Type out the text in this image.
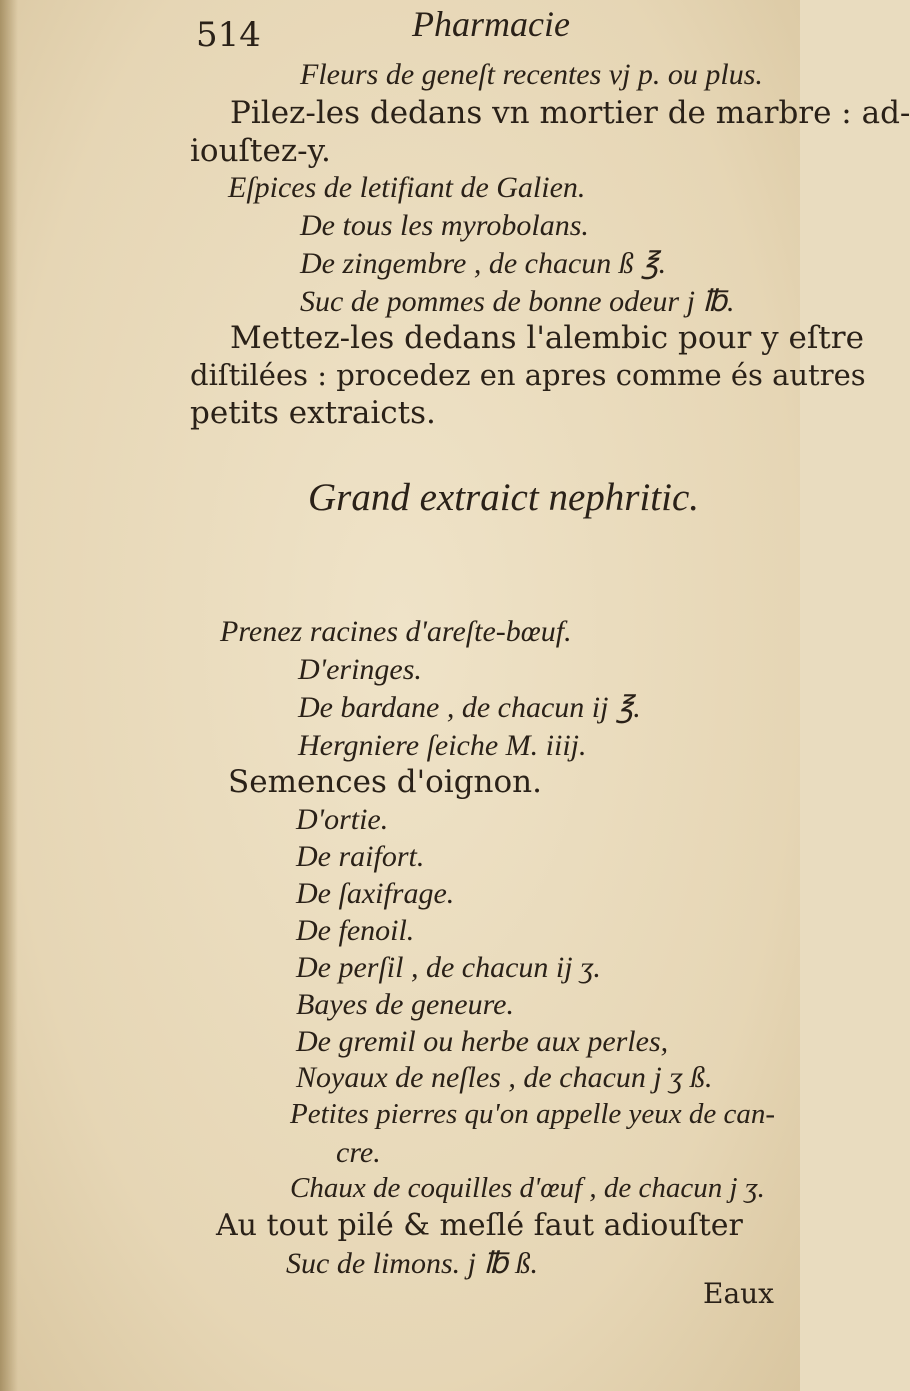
514	Pharmacie
Fleurs de geneſt recentes vj p. ou plus.
Pilez-les dedans vn mortier de marbre : ad-
iouſtez-y.
Eſpices de letifiant de Galien.
De tous les myrobolans.
De zingembre , de chacun ß ℥.
Suc de pommes de bonne odeur j ℔.
Mettez-les dedans l'alembic pour y eſtre
diſtilées : procedez en apres comme és autres
petits extraicts.
Grand extraict nephritic.
Prenez racines d'areſte-bœuf.
D'eringes.
De bardane , de chacun ij ℥.
Hergniere ſeiche M. iiij.
Semences d'oignon.
D'ortie.
De raifort.
De ſaxifrage.
De fenoil.
De perſil , de chacun ij ʒ.
Bayes de geneure.
De gremil ou herbe aux perles,
Noyaux de neſles , de chacun j ʒ ß.
Petites pierres qu'on appelle yeux de can-
cre.
Chaux de coquilles d'œuf , de chacun j ʒ.
Au tout pilé & meſlé faut adiouſter
Suc de limons. j ℔ ß.
Eaux
